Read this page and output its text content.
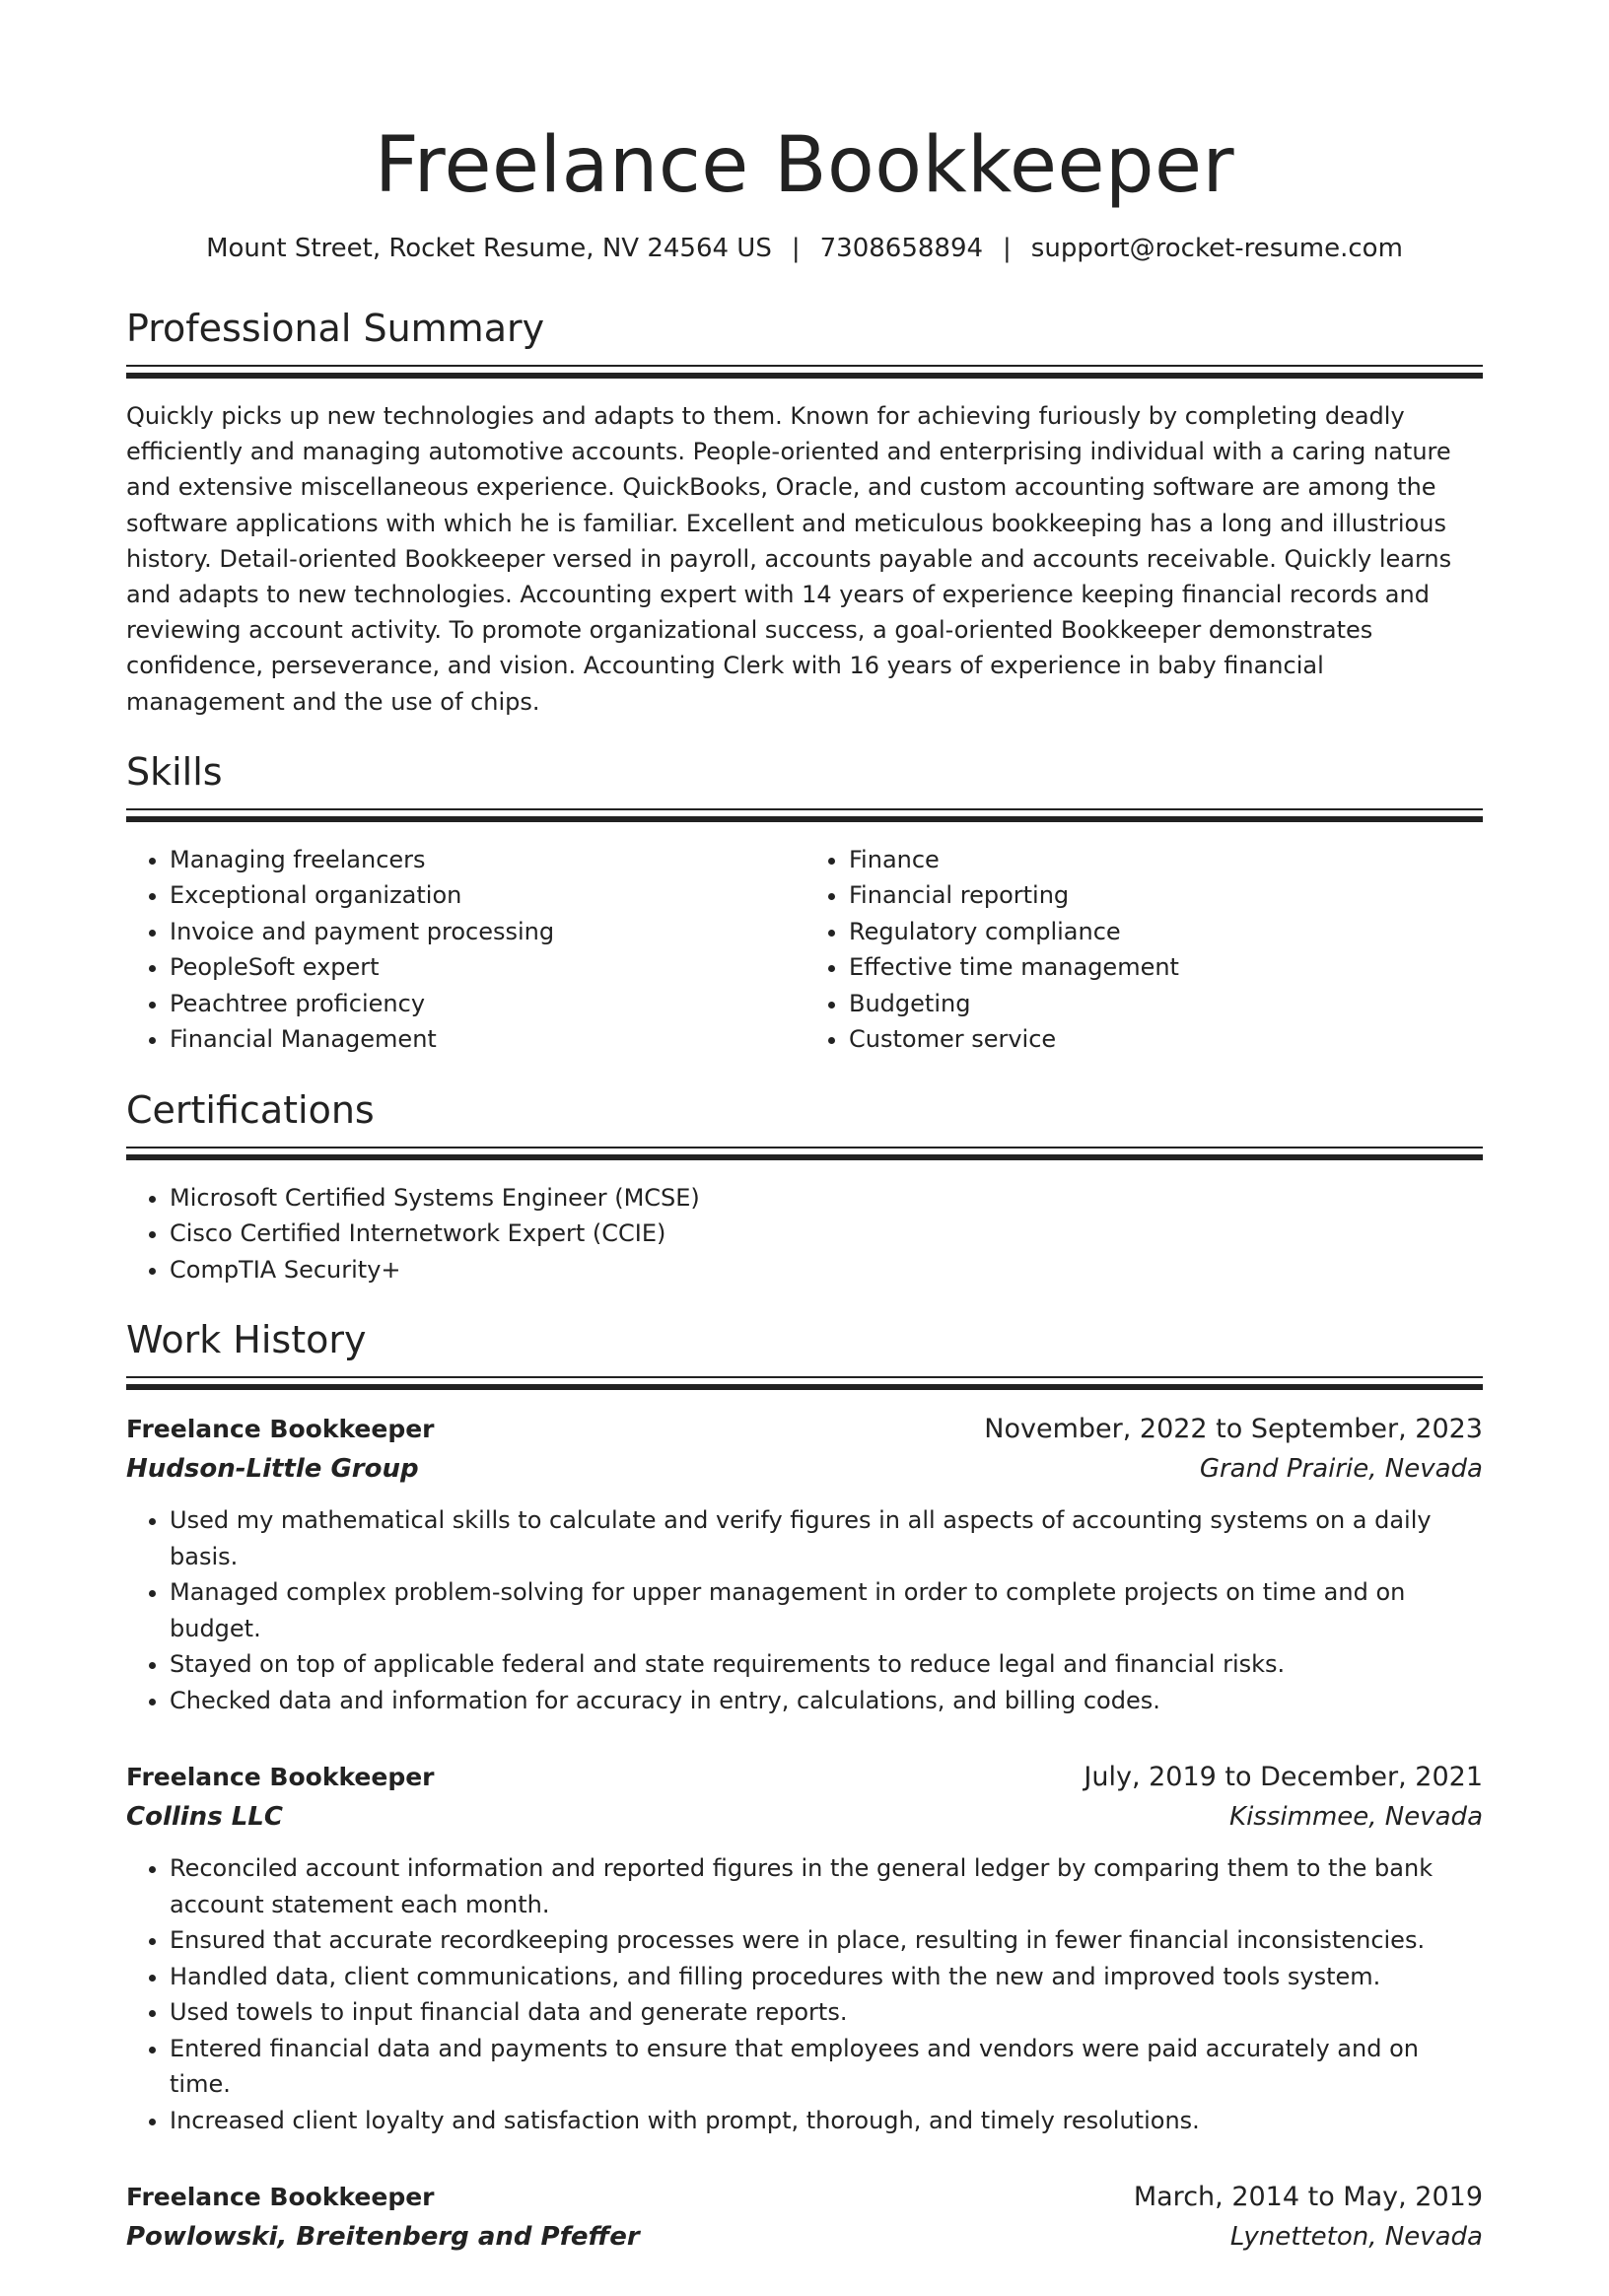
Freelance Bookkeeper
Mount Street, Rocket Resume, NV 24564 US | 7308658894 | support@rocket-resume.com
Professional Summary

Quickly picks up new technologies and adapts to them. Known for achieving furiously by completing deadly efficiently and managing automotive accounts. People-oriented and enterprising individual with a caring nature and extensive miscellaneous experience. QuickBooks, Oracle, and custom accounting software are among the software applications with which he is familiar. Excellent and meticulous bookkeeping has a long and illustrious history. Detail-oriented Bookkeeper versed in payroll, accounts payable and accounts receivable. Quickly learns and adapts to new technologies. Accounting expert with 14 years of experience keeping financial records and reviewing account activity. To promote organizational success, a goal-oriented Bookkeeper demonstrates confidence, perseverance, and vision. Accounting Clerk with 16 years of experience in baby financial management and the use of chips.

Skills
• Managing freelancers
• Exceptional organization
• Invoice and payment processing
• PeopleSoft expert
• Peachtree proficiency
• Financial Management
• Finance
• Financial reporting
• Regulatory compliance
• Effective time management
• Budgeting
• Customer service
Certifications
• Microsoft Certified Systems Engineer (MCSE)
• Cisco Certified Internetwork Expert (CCIE)
• CompTIA Security+
Work History
Freelance Bookkeeper	November, 2022 to September, 2023
Hudson-Little Group	Grand Prairie, Nevada
• Used my mathematical skills to calculate and verify figures in all aspects of accounting systems on a daily basis.
• Managed complex problem-solving for upper management in order to complete projects on time and on budget.
• Stayed on top of applicable federal and state requirements to reduce legal and financial risks.
• Checked data and information for accuracy in entry, calculations, and billing codes.
Freelance Bookkeeper	July, 2019 to December, 2021
Collins LLC	Kissimmee, Nevada
• Reconciled account information and reported figures in the general ledger by comparing them to the bank account statement each month.
• Ensured that accurate recordkeeping processes were in place, resulting in fewer financial inconsistencies.
• Handled data, client communications, and filling procedures with the new and improved tools system.
• Used towels to input financial data and generate reports.
• Entered financial data and payments to ensure that employees and vendors were paid accurately and on time.
• Increased client loyalty and satisfaction with prompt, thorough, and timely resolutions.
Freelance Bookkeeper	March, 2014 to May, 2019
Powlowski, Breitenberg and Pfeffer	Lynetteton, Nevada
